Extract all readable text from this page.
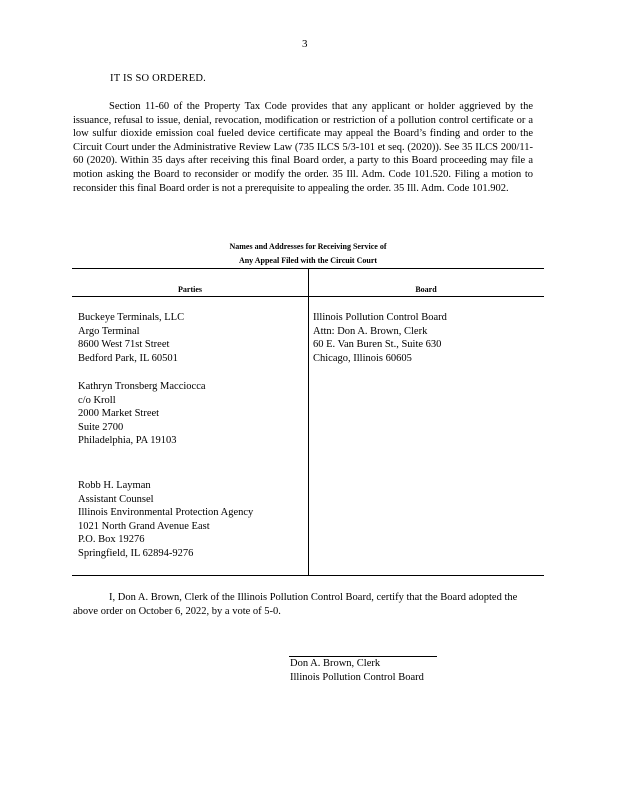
3
IT IS SO ORDERED.
Section 11-60 of the Property Tax Code provides that any applicant or holder aggrieved by the issuance, refusal to issue, denial, revocation, modification or restriction of a pollution control certificate or a low sulfur dioxide emission coal fueled device certificate may appeal the Board’s finding and order to the Circuit Court under the Administrative Review Law (735 ILCS 5/3-101 et seq. (2020)). See 35 ILCS 200/11-60 (2020). Within 35 days after receiving this final Board order, a party to this Board proceeding may file a motion asking the Board to reconsider or modify the order. 35 Ill. Adm. Code 101.520. Filing a motion to reconsider this final Board order is not a prerequisite to appealing the order. 35 Ill. Adm. Code 101.902.
Names and Addresses for Receiving Service of
Any Appeal Filed with the Circuit Court
Parties	Board
Buckeye Terminals, LLC
Argo Terminal
8600 West 71st Street
Bedford Park, IL 60501
Kathryn Tronsberg Macciocca
c/o Kroll
2000 Market Street
Suite 2700
Philadelphia, PA 19103
Robb H. Layman
Assistant Counsel
Illinois Environmental Protection Agency
1021 North Grand Avenue East
P.O. Box 19276
Springfield, IL 62894-9276
Illinois Pollution Control Board
Attn: Don A. Brown, Clerk
60 E. Van Buren St., Suite 630
Chicago, Illinois 60605
I, Don A. Brown, Clerk of the Illinois Pollution Control Board, certify that the Board adopted the above order on October 6, 2022, by a vote of 5-0.
Don A. Brown, Clerk
Illinois Pollution Control Board
